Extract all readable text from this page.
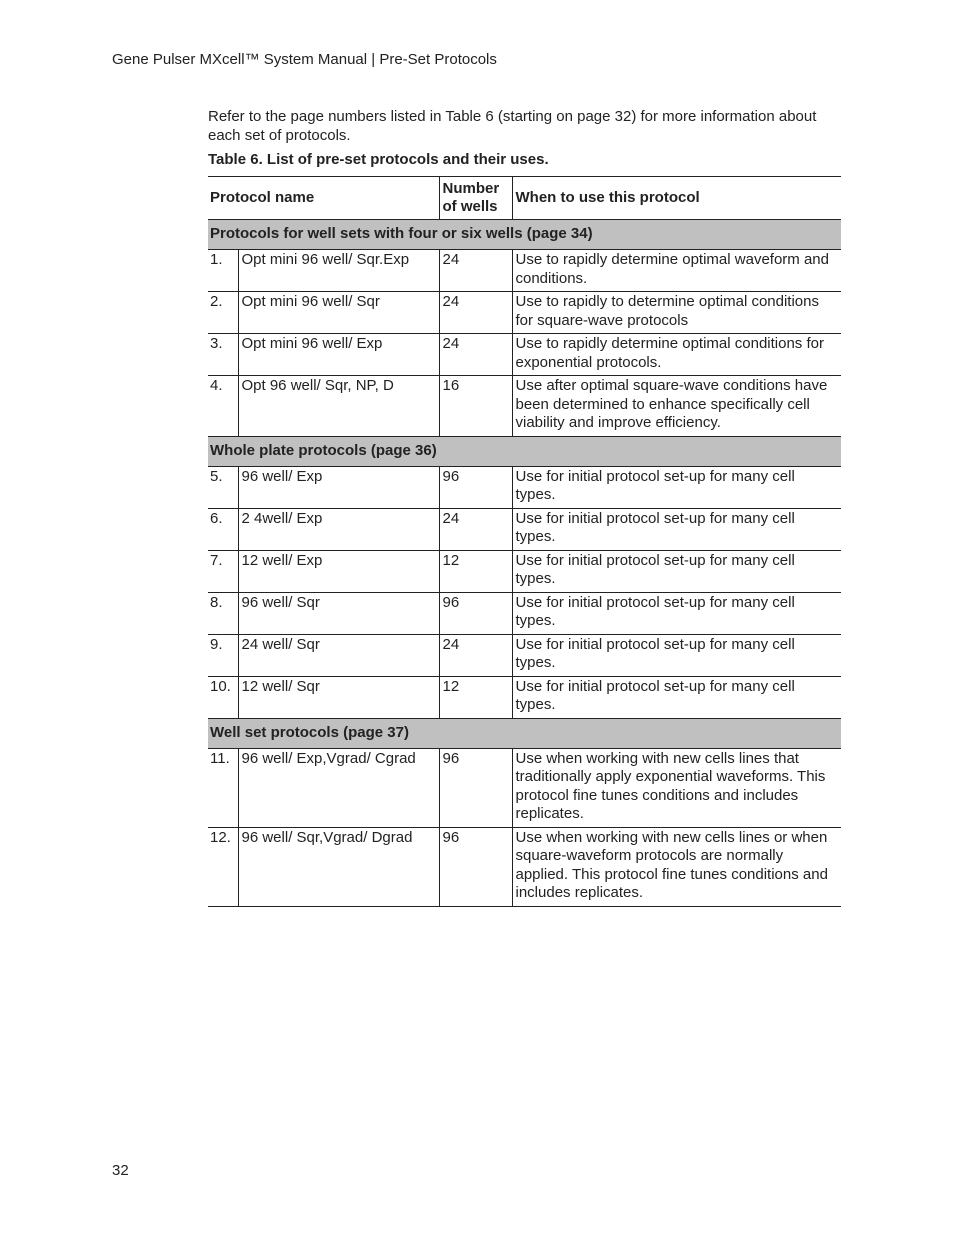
Gene Pulser MXcell™ System Manual | Pre-Set Protocols

Refer to the page numbers listed in Table 6 (starting on page 32) for more information about each set of protocols.

Table 6. List of pre-set protocols and their uses.
Protocol name		Number of wells	When to use this protocol
Protocols for well sets with four or six wells (page 34)			
1.	Opt mini 96 well/ Sqr.Exp	24	Use to rapidly determine optimal waveform and conditions.
2.	Opt mini 96 well/ Sqr	24	Use to rapidly to determine optimal conditions for square-wave protocols
3.	Opt mini 96 well/ Exp	24	Use to rapidly determine optimal conditions for exponential protocols.
4.	Opt 96 well/ Sqr, NP, D	16	Use after optimal square-wave conditions have been determined to enhance specifically cell viability and improve efficiency.
Whole plate protocols (page 36)			
5.	96 well/ Exp	96	Use for initial protocol set-up for many cell types.
6.	2 4well/ Exp	24	Use for initial protocol set-up for many cell types.
7.	12 well/ Exp	12	Use for initial protocol set-up for many cell types.
8.	96 well/ Sqr	96	Use for initial protocol set-up for many cell types.
9.	24 well/ Sqr	24	Use for initial protocol set-up for many cell types.
10.	12 well/ Sqr	12	Use for initial protocol set-up for many cell types.
Well set protocols (page 37)			
11.	96 well/ Exp,Vgrad/ Cgrad	96	Use when working with new cells lines that traditionally apply exponential waveforms. This protocol fine tunes conditions and includes replicates.
12.	96 well/ Sqr,Vgrad/ Dgrad	96	Use when working with new cells lines or when square-waveform protocols are normally applied. This protocol fine tunes conditions and includes replicates.
32
